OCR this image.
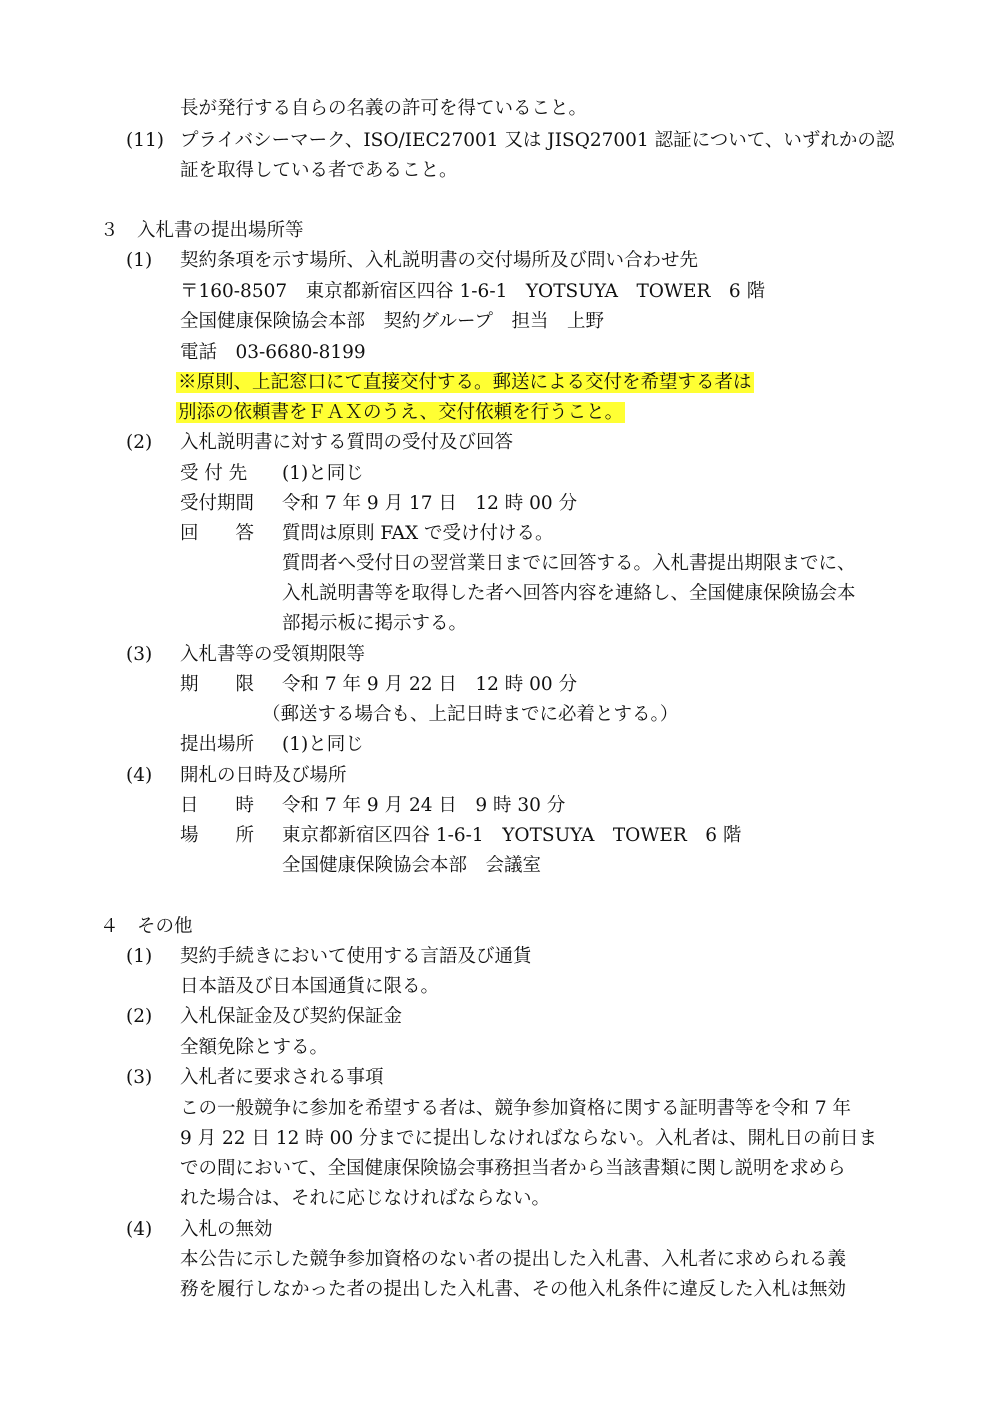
長が発行する自らの名義の許可を得ていること。
(11) プライバシーマーク、ISO/IEC27001 又は JISQ27001 認証について、いずれかの認
証を取得している者であること。
３　入札書の提出場所等
(1) 契約条項を示す場所、入札説明書の交付場所及び問い合わせ先
〒160-8507　東京都新宿区四谷 1-6-1　YOTSUYA　TOWER　6 階
全国健康保険協会本部　契約グループ　担当　上野
電話　03-6680-8199
※原則、上記窓口にて直接交付する。郵送による交付を希望する者は
別添の依頼書をＦＡＸのうえ、交付依頼を行うこと。
(2) 入札説明書に対する質問の受付及び回答
受 付 先 (1)と同じ
受付期間 令和 7 年 9 月 17 日　12 時 00 分
回　　答 質問は原則 FAX で受け付ける。
質問者へ受付日の翌営業日までに回答する。入札書提出期限までに、
入札説明書等を取得した者へ回答内容を連絡し、全国健康保険協会本
部掲示板に掲示する。
(3) 入札書等の受領期限等
期　　限 令和 7 年 9 月 22 日　12 時 00 分
（郵送する場合も、上記日時までに必着とする。）
提出場所 (1)と同じ
(4) 開札の日時及び場所
日　　時 令和 7 年 9 月 24 日　9 時 30 分
場　　所 東京都新宿区四谷 1-6-1　YOTSUYA　TOWER　6 階
全国健康保険協会本部　会議室
４　その他
(1) 契約手続きにおいて使用する言語及び通貨
日本語及び日本国通貨に限る。
(2) 入札保証金及び契約保証金
全額免除とする。
(3) 入札者に要求される事項
この一般競争に参加を希望する者は、競争参加資格に関する証明書等を令和 7 年
9 月 22 日 12 時 00 分までに提出しなければならない。入札者は、開札日の前日ま
での間において、全国健康保険協会事務担当者から当該書類に関し説明を求めら
れた場合は、それに応じなければならない。
(4) 入札の無効
本公告に示した競争参加資格のない者の提出した入札書、入札者に求められる義
務を履行しなかった者の提出した入札書、その他入札条件に違反した入札は無効
